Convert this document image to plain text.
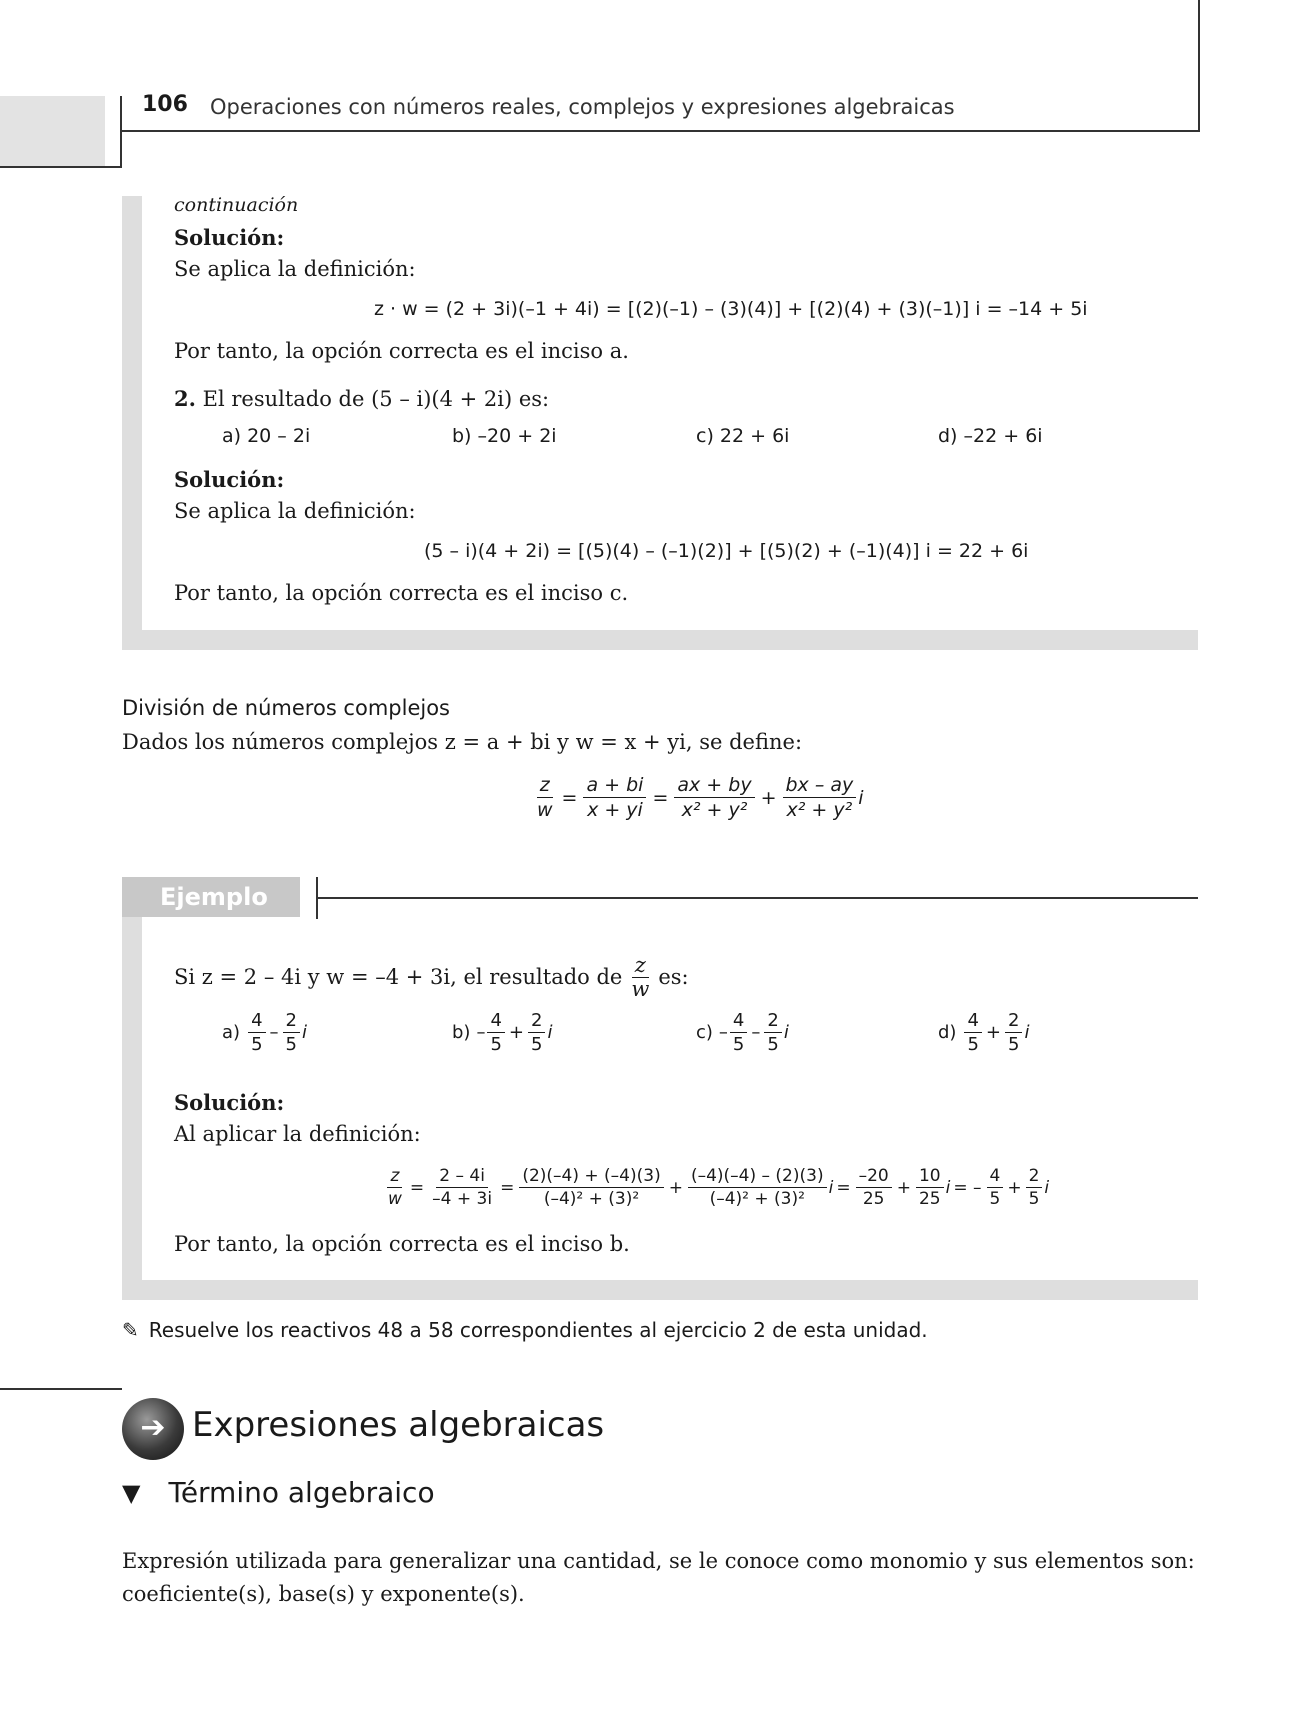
106 Operaciones con números reales, complejos y expresiones algebraicas
continuación
Solución:
Se aplica la definición:
z · w = (2 + 3i)(–1 + 4i) = [(2)(–1) – (3)(4)] + [(2)(4) + (3)(–1)] i = –14 + 5i
Por tanto, la opción correcta es el inciso a.
2. El resultado de (5 – i)(4 + 2i) es:
a) 20 – 2i	b) –20 + 2i	c) 22 + 6i	d) –22 + 6i
Solución:
Se aplica la definición:
(5 – i)(4 + 2i) = [(5)(4) – (–1)(2)] + [(5)(2) + (–1)(4)] i = 22 + 6i
Por tanto, la opción correcta es el inciso c.
División de números complejos
Dados los números complejos z = a + bi y w = x + yi, se define:
$\frac{z}{w} = \frac{a + bi}{x + yi} = \frac{ax + by}{\text{x² + y²}} + \frac{bx - ay}{\text{x² + y²}}$ i
Ejemplo
Si z = 2 – 4i y w = –4 + 3i, el resultado de $\frac{z}{w}$ es:
$a) \frac{4}{5} - \frac{2}{5}$ i	$b) - \frac{4}{5} + \frac{2}{5}$ i	$c) - \frac{4}{5} - \frac{2}{5}$ i	$d) \frac{4}{5} + \frac{2}{5}$ i
Solución:
Al aplicar la definición:
$\frac{z}{w} = \frac{2 - 4i}{-4 + 3i} = \frac{(2)(-4) + (-4)(3)}{\text{(–4)² + (3)²}} + \frac{(-4)(-4) - (2)(3)}{\text{(–4)² + (3)²}}$ $i = \frac{-20}{25} + \frac{10}{25}$ i = – $\frac{4}{5} + \frac{2}{5}$ i
Por tanto, la opción correcta es el inciso b.
✎ Resuelve los reactivos 48 a 58 correspondientes al ejercicio 2 de esta unidad.
➔ Expresiones algebraicas
▼ Término algebraico
Expresión utilizada para generalizar una cantidad, se le conoce como monomio y sus elementos son:
coeficiente(s), base(s) y exponente(s).
